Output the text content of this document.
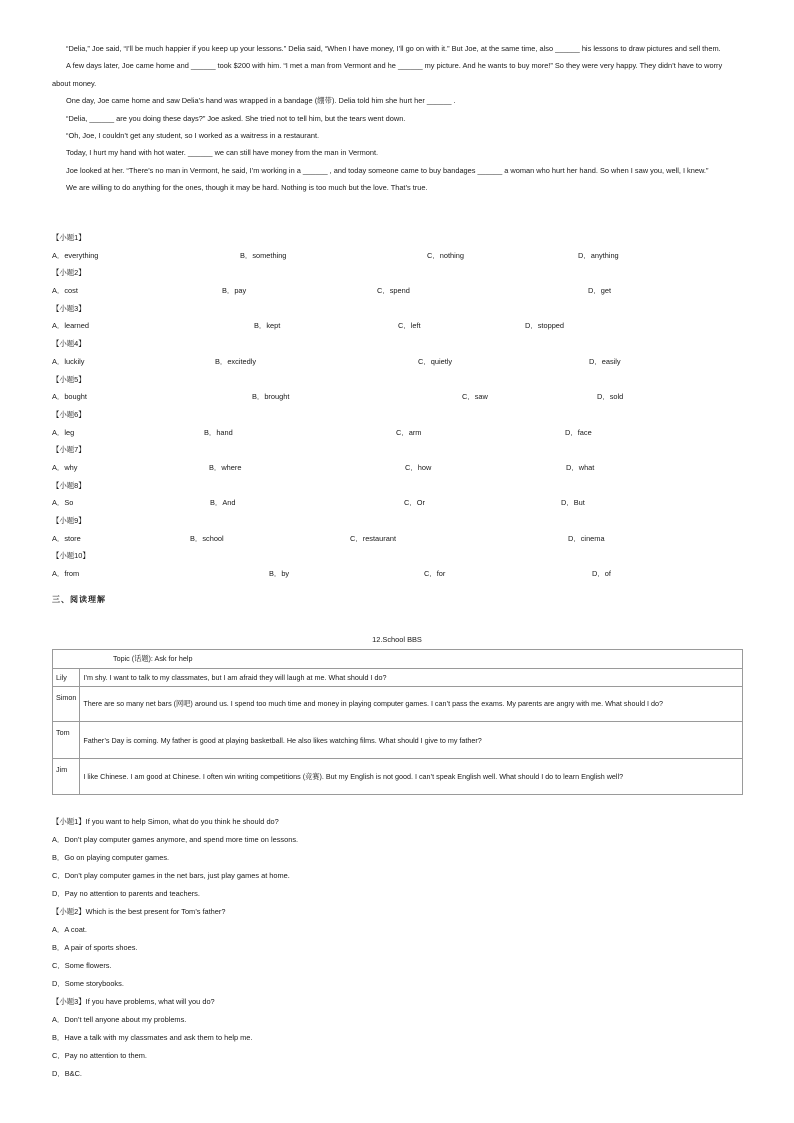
“Delia,” Joe said, “I’ll be much happier if you keep up your lessons.” Delia said, “When I have money, I’ll go on with it.” But Joe, at the same time, also ______ his lessons to draw pictures and sell them.

A few days later, Joe came home and ______ took $200 with him. “I met a man from Vermont and he ______ my picture. And he wants to buy more!” So they were very happy. They didn’t have to worry about money.

One day, Joe came home and saw Delia’s hand was wrapped in a bandage (绷带). Delia told him she hurt her ______ .

“Delia, ______ are you doing these days?” Joe asked. She tried not to tell him, but the tears went down.

“Oh, Joe, I couldn’t get any student, so I worked as a waitress in a restaurant.

Today, I hurt my hand with hot water. ______ we can still have money from the man in Vermont.

Joe looked at her. “There’s no man in Vermont, he said, I’m working in a ______ , and today someone came to buy bandages ______ a woman who hurt her hand. So when I saw you, well, I knew.”

We are willing to do anything for the ones, though it may be hard. Nothing is too much but the love. That’s true.

【小题1】
A．everything	B．something	C．nothing	D．anything
【小题2】
A．cost	B．pay	C．spend	D．get
【小题3】
A．learned	B．kept	C．left	D．stopped
【小题4】
A．luckily	B．excitedly	C．quietly	D．easily
【小题5】
A．bought	B．brought	C．saw	D．sold
【小题6】
A．leg	B．hand	C．arm	D．face
【小题7】
A．why	B．where	C．how	D．what
【小题8】
A．So	B．And	C．Or	D．But
【小题9】
A．store	B．school	C．restaurant	D．cinema
【小题10】
A．from	B．by	C．for	D．of
三、阅读理解
12.School BBS
Topic (话题): Ask for help	
Lily	I’m shy. I want to talk to my classmates, but I am afraid they will laugh at me. What should I do?
Simon	There are so many net bars (网吧) around us. I spend too much time and money in playing computer games. I can’t pass the exams. My parents are angry with me. What should I do?
Tom	Father’s Day is coming. My father is good at playing basketball. He also likes watching films. What should I give to my father?
Jim	I like Chinese. I am good at Chinese. I often win writing competitions (竞赛). But my English is not good. I can’t speak English well. What should I do to learn English well?
【小题1】If you want to help Simon, what do you think he should do?
A．Don’t play computer games anymore, and spend more time on lessons.
B．Go on playing computer games.
C．Don’t play computer games in the net bars, just play games at home.
D．Pay no attention to parents and teachers.
【小题2】Which is the best present for Tom’s father?
A．A coat.
B．A pair of sports shoes.
C．Some flowers.
D．Some storybooks.
【小题3】If you have problems, what will you do?
A．Don’t tell anyone about my problems.
B．Have a talk with my classmates and ask them to help me.
C．Pay no attention to them.
D．B&C.
